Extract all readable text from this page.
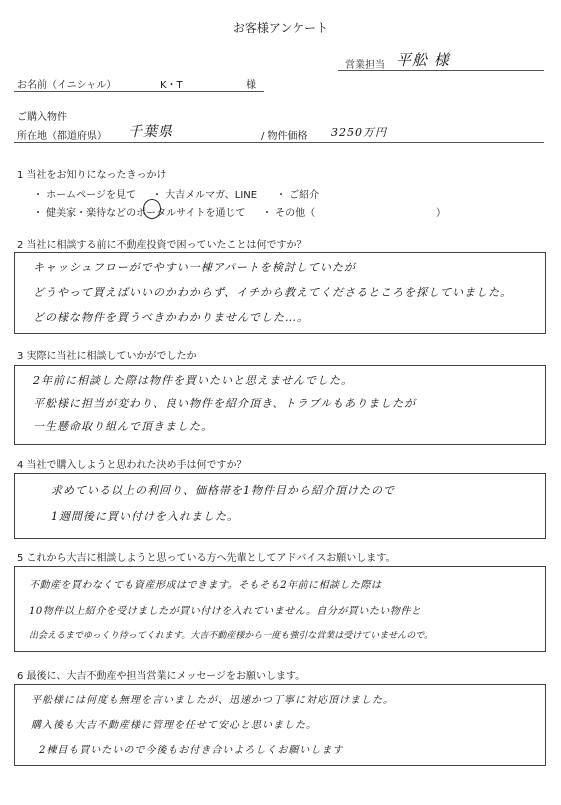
お客様アンケート
営業担当 平舩 様
お名前（イニシャル）	K・T	様
ご購入物件
所在地（都道府県） 千葉県	/ 物件価格 3250万円
1 当社をお知りになったきっかけ
・ ホームページを見て ・ 大吉メルマガ、LINE ・ ご紹介
・ 健美家・楽待などのポータルサイトを通じて ・ その他（	）
2 当社に相談する前に不動産投資で困っていたことは何ですか？
キャッシュフローがでやすい一棟アパートを検討していたが
どうやって買えばいいのかわからず、イチから教えてくださるところを探していました。
どの様な物件を買うべきかわかりませんでした…。
3 実際に当社に相談していかがでしたか
2年前に相談した際は物件を買いたいと思えませんでした。
平舩様に担当が変わり、良い物件を紹介頂き、トラブルもありましたが
一生懸命取り組んで頂きました。
4 当社で購入しようと思われた決め手は何ですか？
求めている以上の利回り、価格帯を1物件目から紹介頂けたので
1週間後に買い付けを入れました。
5 これから大吉に相談しようと思っている方へ先輩としてアドバイスお願いします。
不動産を買わなくても資産形成はできます。そもそも2年前に相談した際は
10物件以上紹介を受けましたが買い付けを入れていません。自分が買いたい物件と
出会えるまでゆっくり待ってくれます。大吉不動産様から一度も強引な営業は受けていませんので。
6 最後に、大吉不動産や担当営業にメッセージをお願いします。
平舩様には何度も無理を言いましたが、迅速かつ丁寧に対応頂けました。
購入後も大吉不動産様に管理を任せて安心と思いました。
2棟目も買いたいので今後もお付き合いよろしくお願いします
